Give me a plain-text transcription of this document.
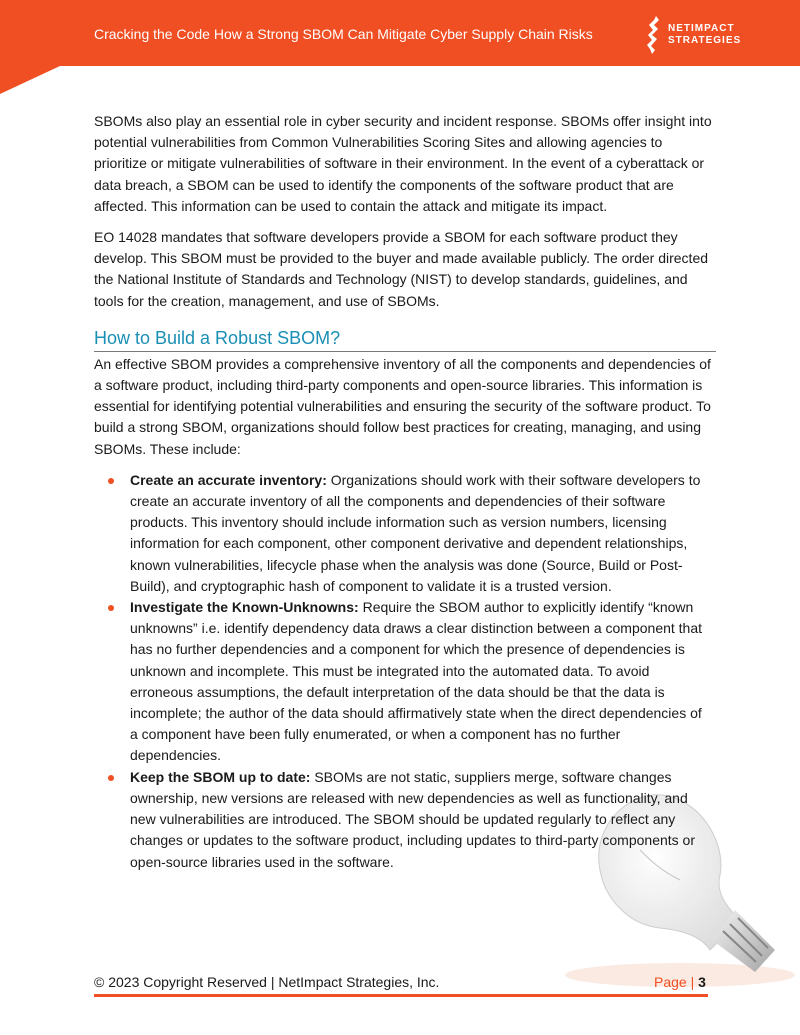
Cracking the Code How a Strong SBOM Can Mitigate Cyber Supply Chain Risks	NETIMPACT
STRATEGIES

SBOMs also play an essential role in cyber security and incident response. SBOMs offer insight into potential vulnerabilities from Common Vulnerabilities Scoring Sites and allowing agencies to prioritize or mitigate vulnerabilities of software in their environment. In the event of a cyberattack or data breach, a SBOM can be used to identify the components of the software product that are affected. This information can be used to contain the attack and mitigate its impact.

EO 14028 mandates that software developers provide a SBOM for each software product they develop. This SBOM must be provided to the buyer and made available publicly. The order directed the National Institute of Standards and Technology (NIST) to develop standards, guidelines, and tools for the creation, management, and use of SBOMs.

How to Build a Robust SBOM?

An effective SBOM provides a comprehensive inventory of all the components and dependencies of a software product, including third-party components and open-source libraries. This information is essential for identifying potential vulnerabilities and ensuring the security of the software product. To build a strong SBOM, organizations should follow best practices for creating, managing, and using SBOMs. These include:

Create an accurate inventory: Organizations should work with their software developers to create an accurate inventory of all the components and dependencies of their software products. This inventory should include information such as version numbers, licensing information for each component, other component derivative and dependent relationships, known vulnerabilities, lifecycle phase when the analysis was done (Source, Build or Post-Build), and cryptographic hash of component to validate it is a trusted version.
Investigate the Known-Unknowns: Require the SBOM author to explicitly identify “known unknowns” i.e. identify dependency data draws a clear distinction between a component that has no further dependencies and a component for which the presence of dependencies is unknown and incomplete. This must be integrated into the automated data. To avoid erroneous assumptions, the default interpretation of the data should be that the data is incomplete; the author of the data should affirmatively state when the direct dependencies of a component have been fully enumerated, or when a component has no further dependencies.
Keep the SBOM up to date: SBOMs are not static, suppliers merge, software changes ownership, new versions are released with new dependencies as well as functionality, and new vulnerabilities are introduced. The SBOM should be updated regularly to reflect any changes or updates to the software product, including updates to third-party components or open-source libraries used in the software.
© 2023 Copyright Reserved | NetImpact Strategies, Inc.	Page | 3
